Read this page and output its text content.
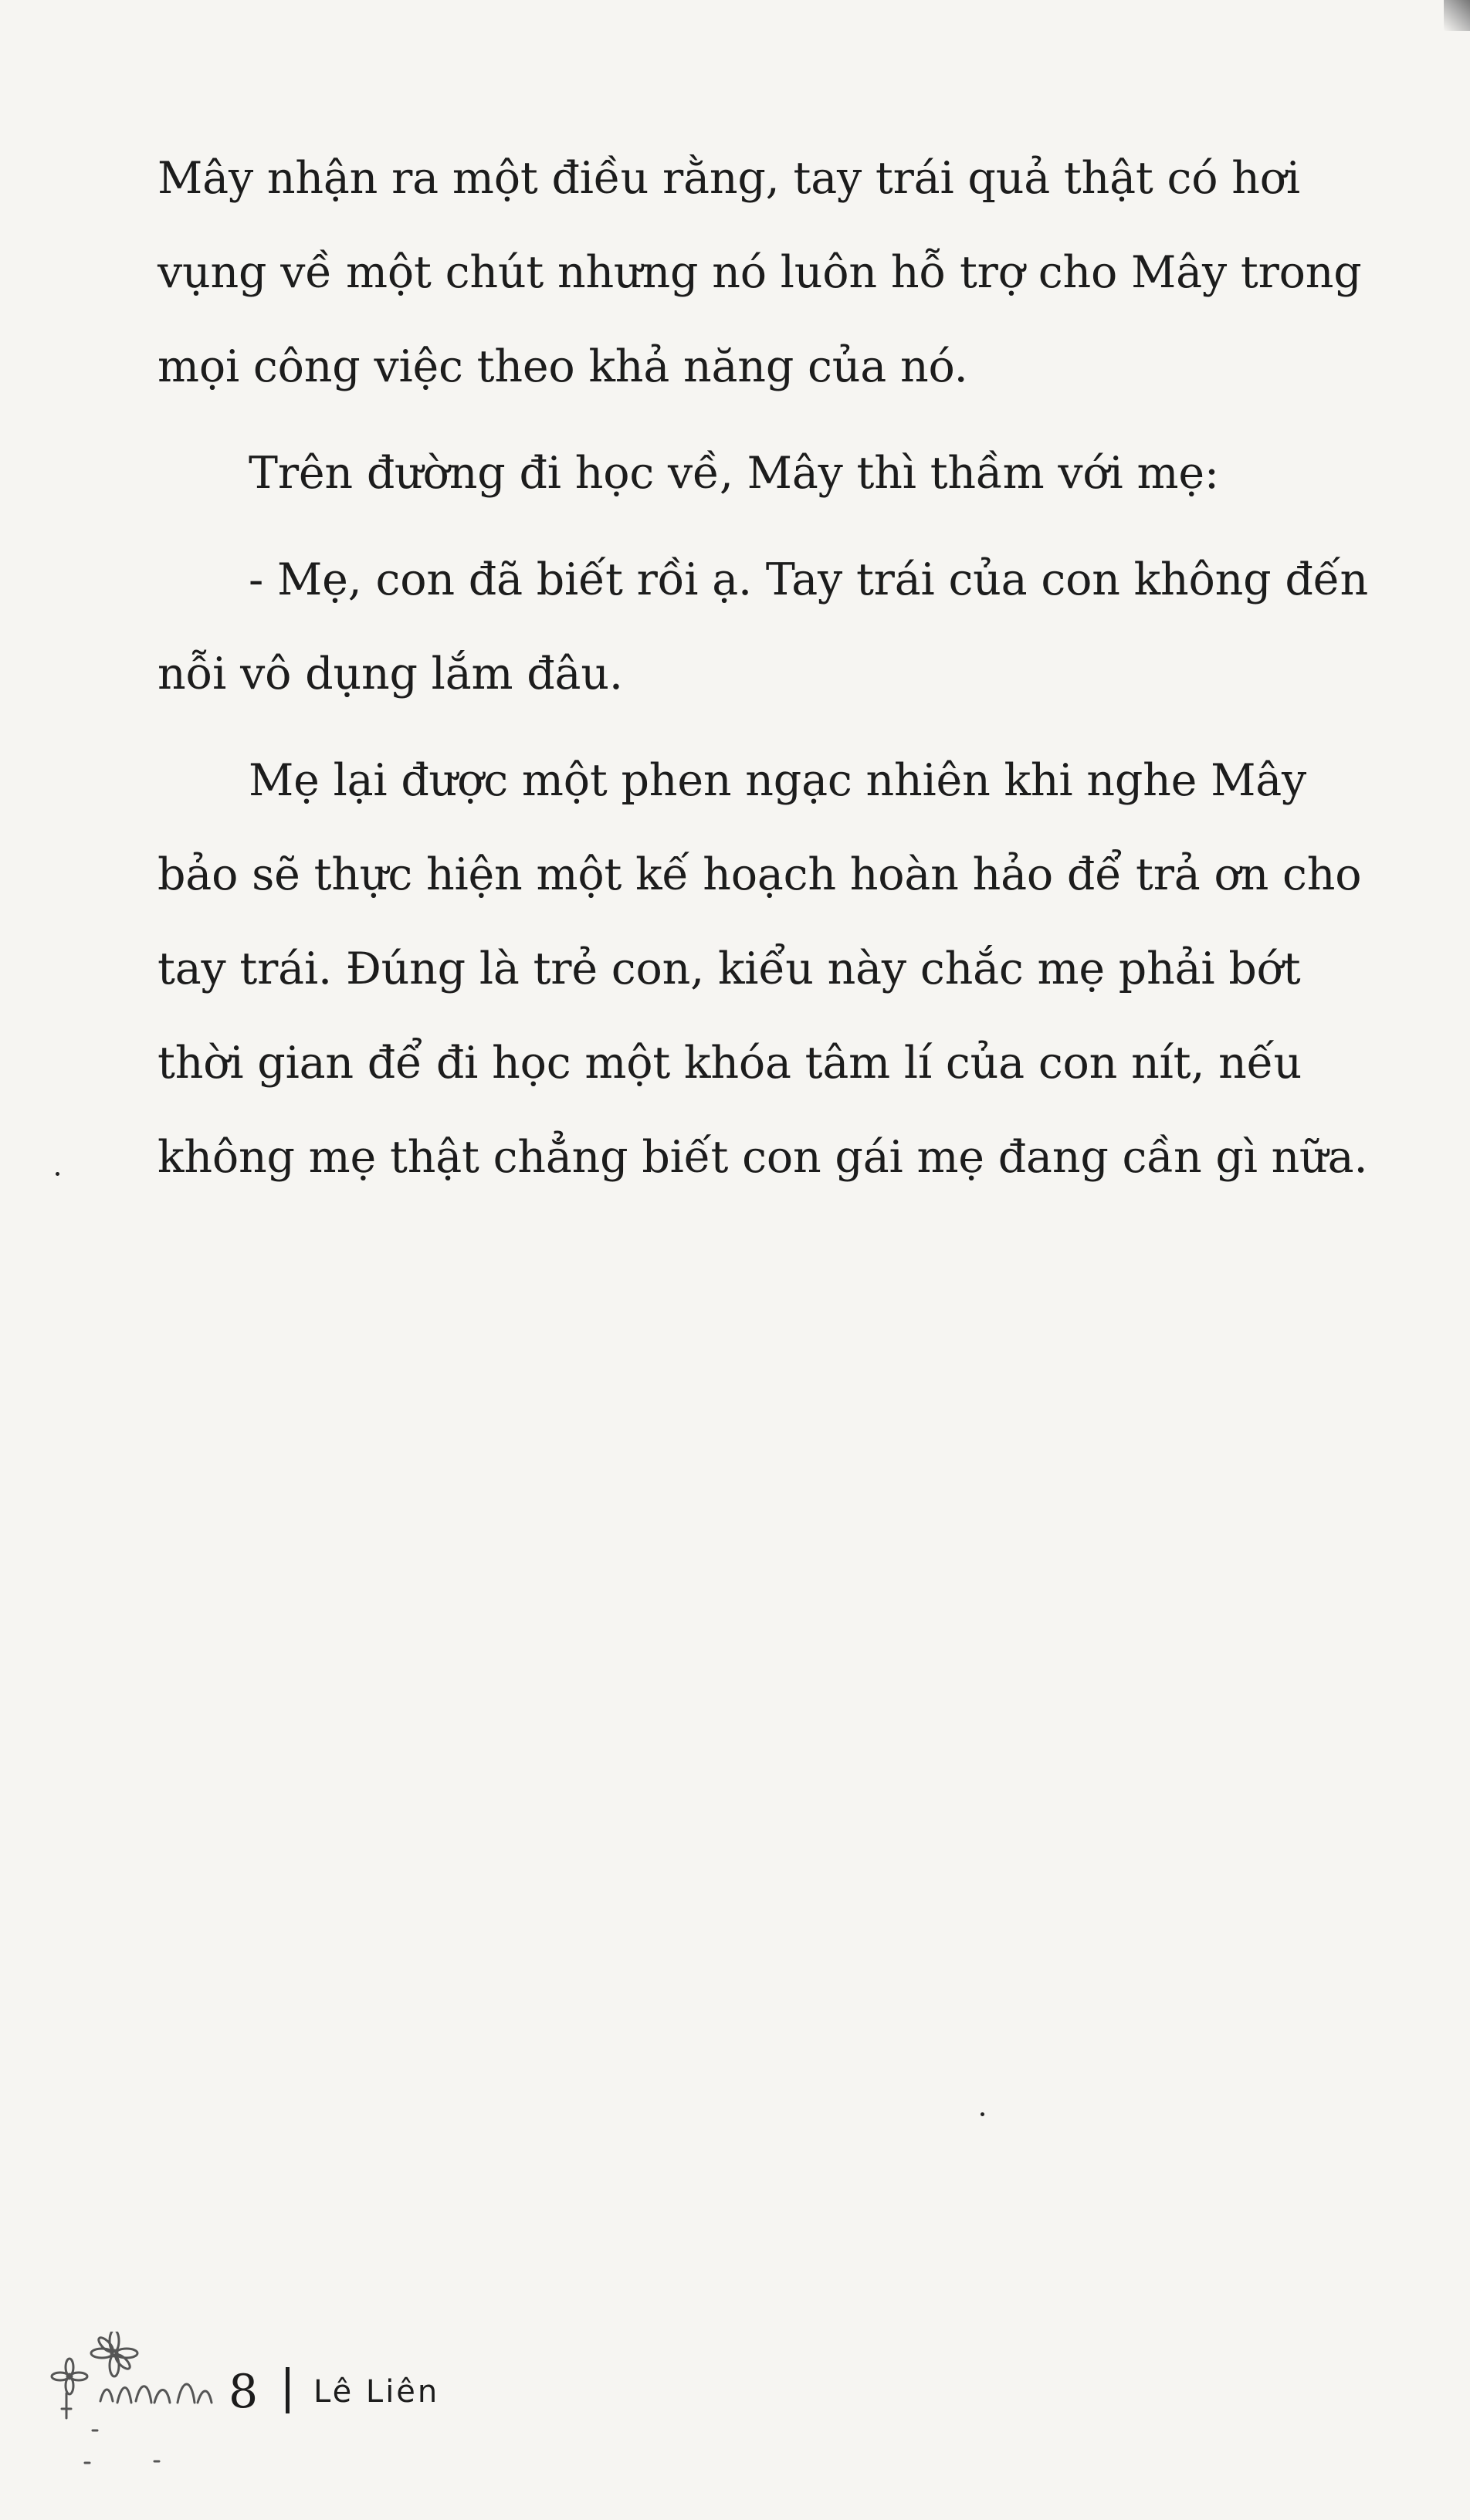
Mây nhận ra một điều rằng, tay trái quả thật có hơi vụng về một chút nhưng nó luôn hỗ trợ cho Mây trong mọi công việc theo khả năng của nó.

Trên đường đi học về, Mây thì thầm với mẹ:

- Mẹ, con đã biết rồi ạ. Tay trái của con không đến nỗi vô dụng lắm đâu.

Mẹ lại được một phen ngạc nhiên khi nghe Mây bảo sẽ thực hiện một kế hoạch hoàn hảo để trả ơn cho tay trái. Đúng là trẻ con, kiểu này chắc mẹ phải bớt thời gian để đi học một khóa tâm lí của con nít, nếu không mẹ thật chẳng biết con gái mẹ đang cần gì nữa.

8 Lê Liên
